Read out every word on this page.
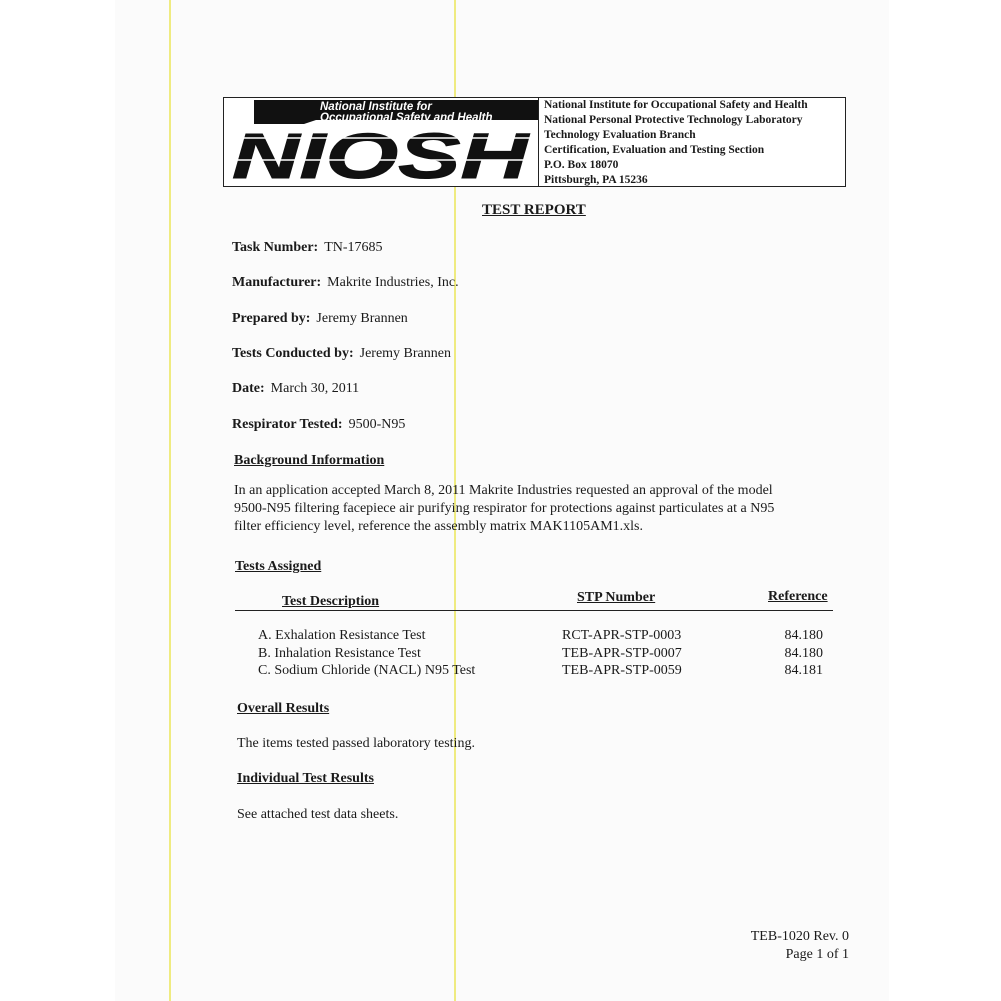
National Institute for
Occupational Safety and Health
NIOSH
National Institute for Occupational Safety and Health
National Personal Protective Technology Laboratory
Technology Evaluation Branch
Certification, Evaluation and Testing Section
P.O. Box 18070
Pittsburgh, PA 15236
TEST REPORT
Task Number: TN-17685
Manufacturer: Makrite Industries, Inc.
Prepared by: Jeremy Brannen
Tests Conducted by: Jeremy Brannen
Date: March 30, 2011
Respirator Tested: 9500-N95
Background Information
In an application accepted March 8, 2011 Makrite Industries requested an approval of the model
9500-N95 filtering facepiece air purifying respirator for protections against particulates at a N95
filter efficiency level, reference the assembly matrix MAK1105AM1.xls.
Tests Assigned
Test Description	STP Number	Reference
A. Exhalation Resistance Test	RCT-APR-STP-0003	84.180
B. Inhalation Resistance Test	TEB-APR-STP-0007	84.180
C. Sodium Chloride (NACL) N95 Test	TEB-APR-STP-0059	84.181
Overall Results
The items tested passed laboratory testing.
Individual Test Results
See attached test data sheets.
TEB-1020 Rev. 0
Page 1 of 1
